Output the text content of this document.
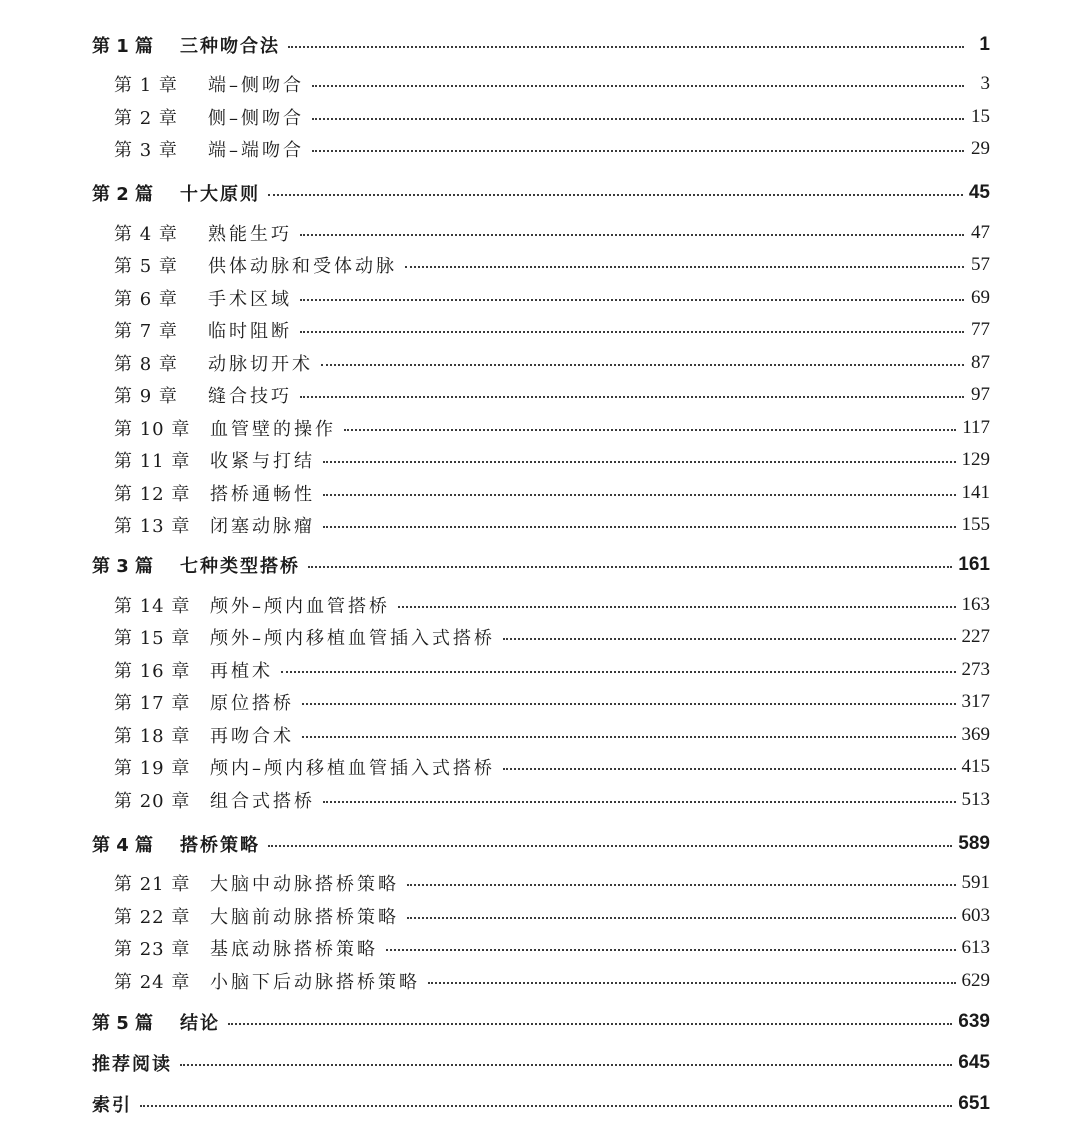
第 1 篇	三种吻合法	1
第 1 章	端–侧吻合	3
第 2 章	侧–侧吻合	15
第 3 章	端–端吻合	29
第 2 篇	十大原则	45
第 4 章	熟能生巧	47
第 5 章	供体动脉和受体动脉	57
第 6 章	手术区域	69
第 7 章	临时阻断	77
第 8 章	动脉切开术	87
第 9 章	缝合技巧	97
第 10 章	血管壁的操作	117
第 11 章	收紧与打结	129
第 12 章	搭桥通畅性	141
第 13 章	闭塞动脉瘤	155
第 3 篇	七种类型搭桥	161
第 14 章	颅外–颅内血管搭桥	163
第 15 章	颅外–颅内移植血管插入式搭桥	227
第 16 章	再植术	273
第 17 章	原位搭桥	317
第 18 章	再吻合术	369
第 19 章	颅内–颅内移植血管插入式搭桥	415
第 20 章	组合式搭桥	513
第 4 篇	搭桥策略	589
第 21 章	大脑中动脉搭桥策略	591
第 22 章	大脑前动脉搭桥策略	603
第 23 章	基底动脉搭桥策略	613
第 24 章	小脑下后动脉搭桥策略	629
第 5 篇	结论	639
推荐阅读	645
索引	651
